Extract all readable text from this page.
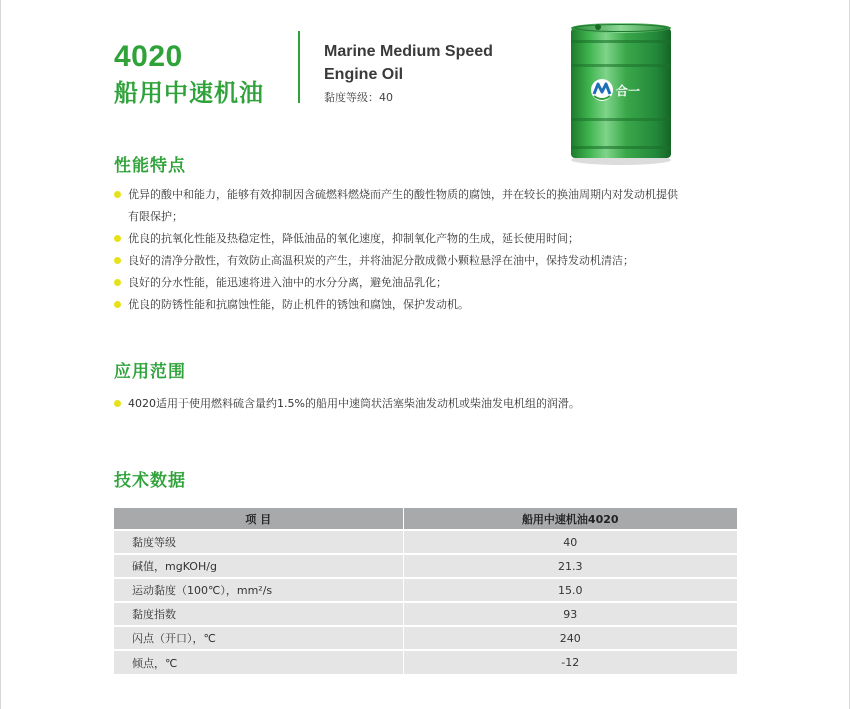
4020
船用中速机油
Marine Medium Speed
Engine Oil
黏度等级：40	合一
性能特点
优异的酸中和能力，能够有效抑制因含硫燃料燃烧而产生的酸性物质的腐蚀，并在较长的换油周期内对发动机提供
有限保护；
优良的抗氧化性能及热稳定性，降低油品的氧化速度，抑制氧化产物的生成，延长使用时间；
良好的清净分散性，有效防止高温积炭的产生，并将油泥分散成微小颗粒悬浮在油中，保持发动机清洁；
良好的分水性能，能迅速将进入油中的水分分离，避免油品乳化；
优良的防锈性能和抗腐蚀性能，防止机件的锈蚀和腐蚀，保护发动机。
应用范围
4020适用于使用燃料硫含量约1.5%的船用中速筒状活塞柴油发动机或柴油发电机组的润滑。
技术数据
项 目	船用中速机油4020
黏度等级	40
碱值，mgKOH/g	21.3
运动黏度（100℃），mm²/s	15.0
黏度指数	93
闪点（开口），℃	240
倾点，℃	-12
